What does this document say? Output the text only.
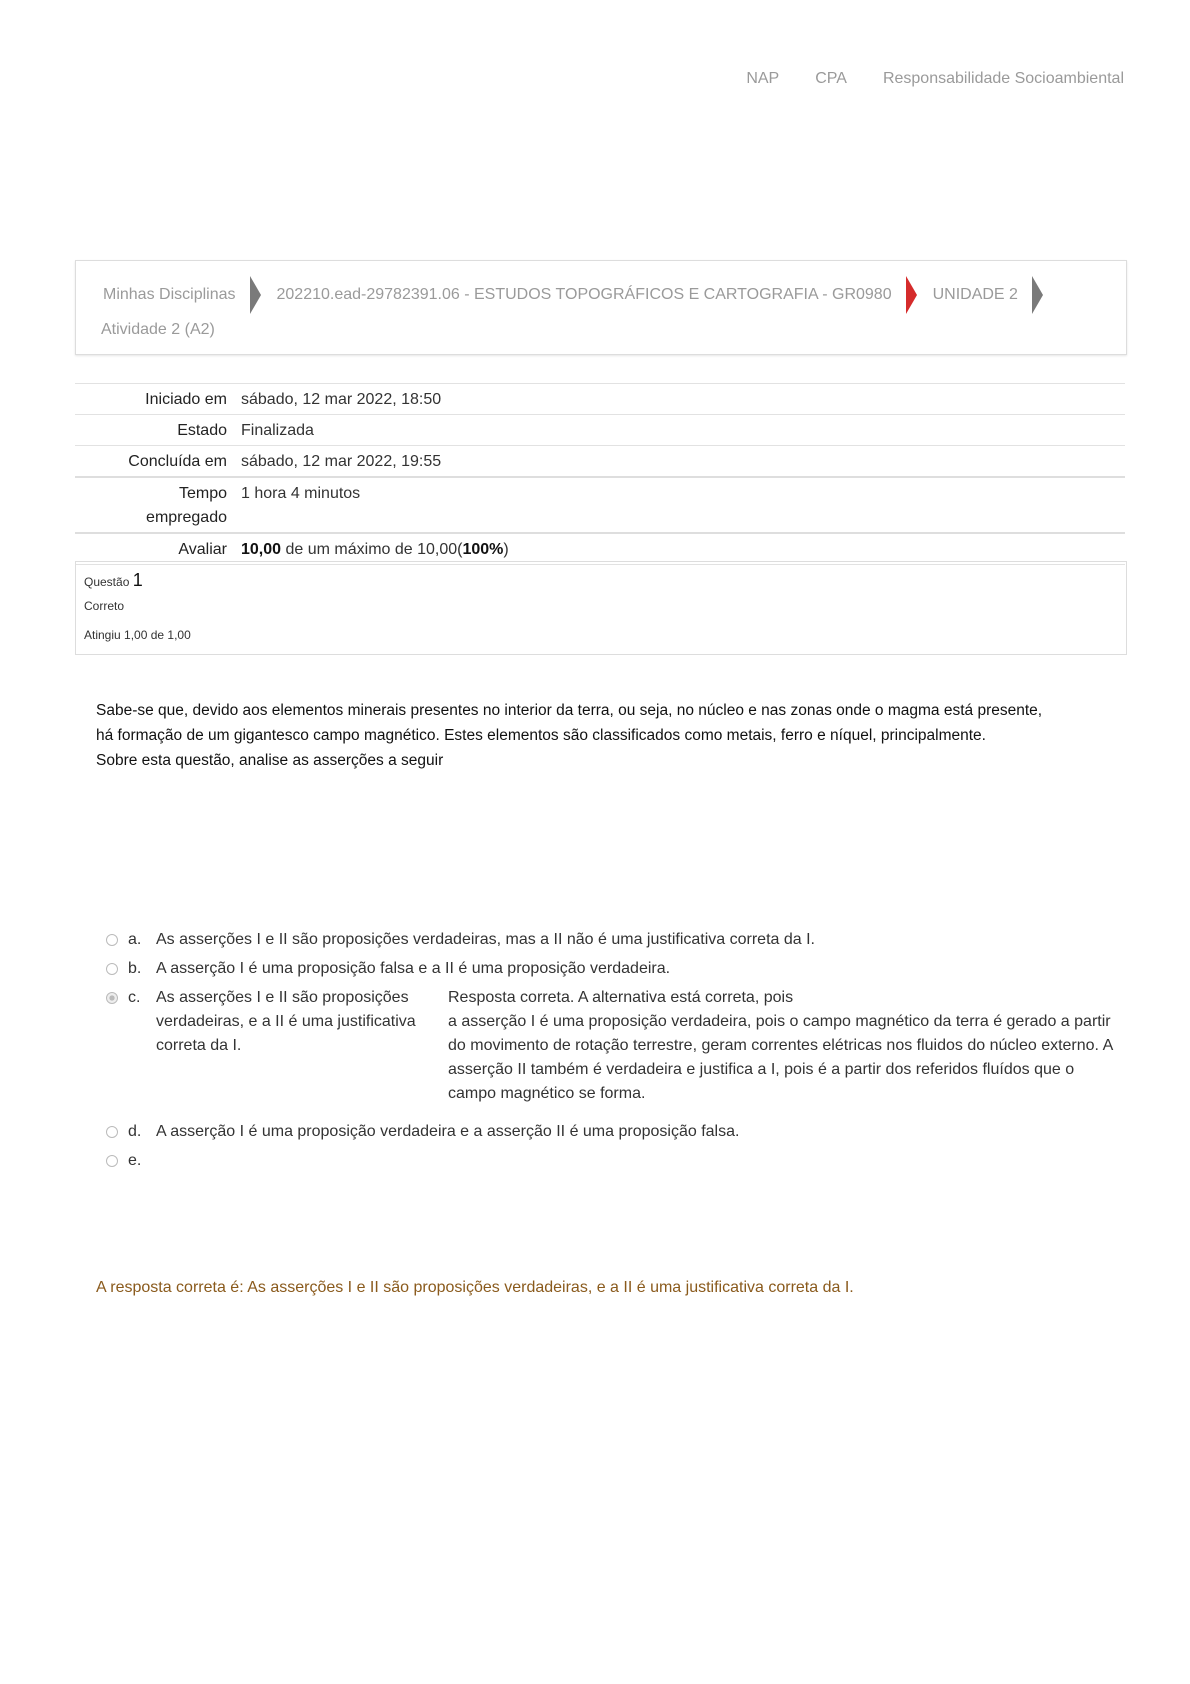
NAP CPA Responsabilidade Socioambiental
Minhas Disciplinas	202210.ead-29782391.06 - ESTUDOS TOPOGRÁFICOS E CARTOGRAFIA - GR0980	UNIDADE 2
Atividade 2 (A2)
Iniciado em	sábado, 12 mar 2022, 18:50
Estado	Finalizada
Concluída em	sábado, 12 mar 2022, 19:55
Tempo
empregado	1 hora 4 minutos
Avaliar	10,00 de um máximo de 10,00(100%)
Questão 1
Correto
Atingiu 1,00 de 1,00
Sabe-se que, devido aos elementos minerais presentes no interior da terra, ou seja, no núcleo e nas zonas onde o magma está presente,
há formação de um gigantesco campo magnético. Estes elementos são classificados como metais, ferro e níquel, principalmente.
Sobre esta questão, analise as asserções a seguir
a. As asserções I e II são proposições verdadeiras, mas a II não é uma justificativa correta da I.
b. A asserção I é uma proposição falsa e a II é uma proposição verdadeira.
c. As asserções I e II são proposições verdadeiras, e a II é uma justificativa correta da I.
Resposta correta. A alternativa está correta, pois
a asserção I é uma proposição verdadeira, pois o campo magnético da terra é gerado a partir do movimento de rotação terrestre, geram correntes elétricas nos fluidos do núcleo externo. A asserção II também é verdadeira e justifica a I, pois é a partir dos referidos fluídos que o campo magnético se forma.
d. A asserção I é uma proposição verdadeira e a asserção II é uma proposição falsa.
e.
A resposta correta é: As asserções I e II são proposições verdadeiras, e a II é uma justificativa correta da I.
